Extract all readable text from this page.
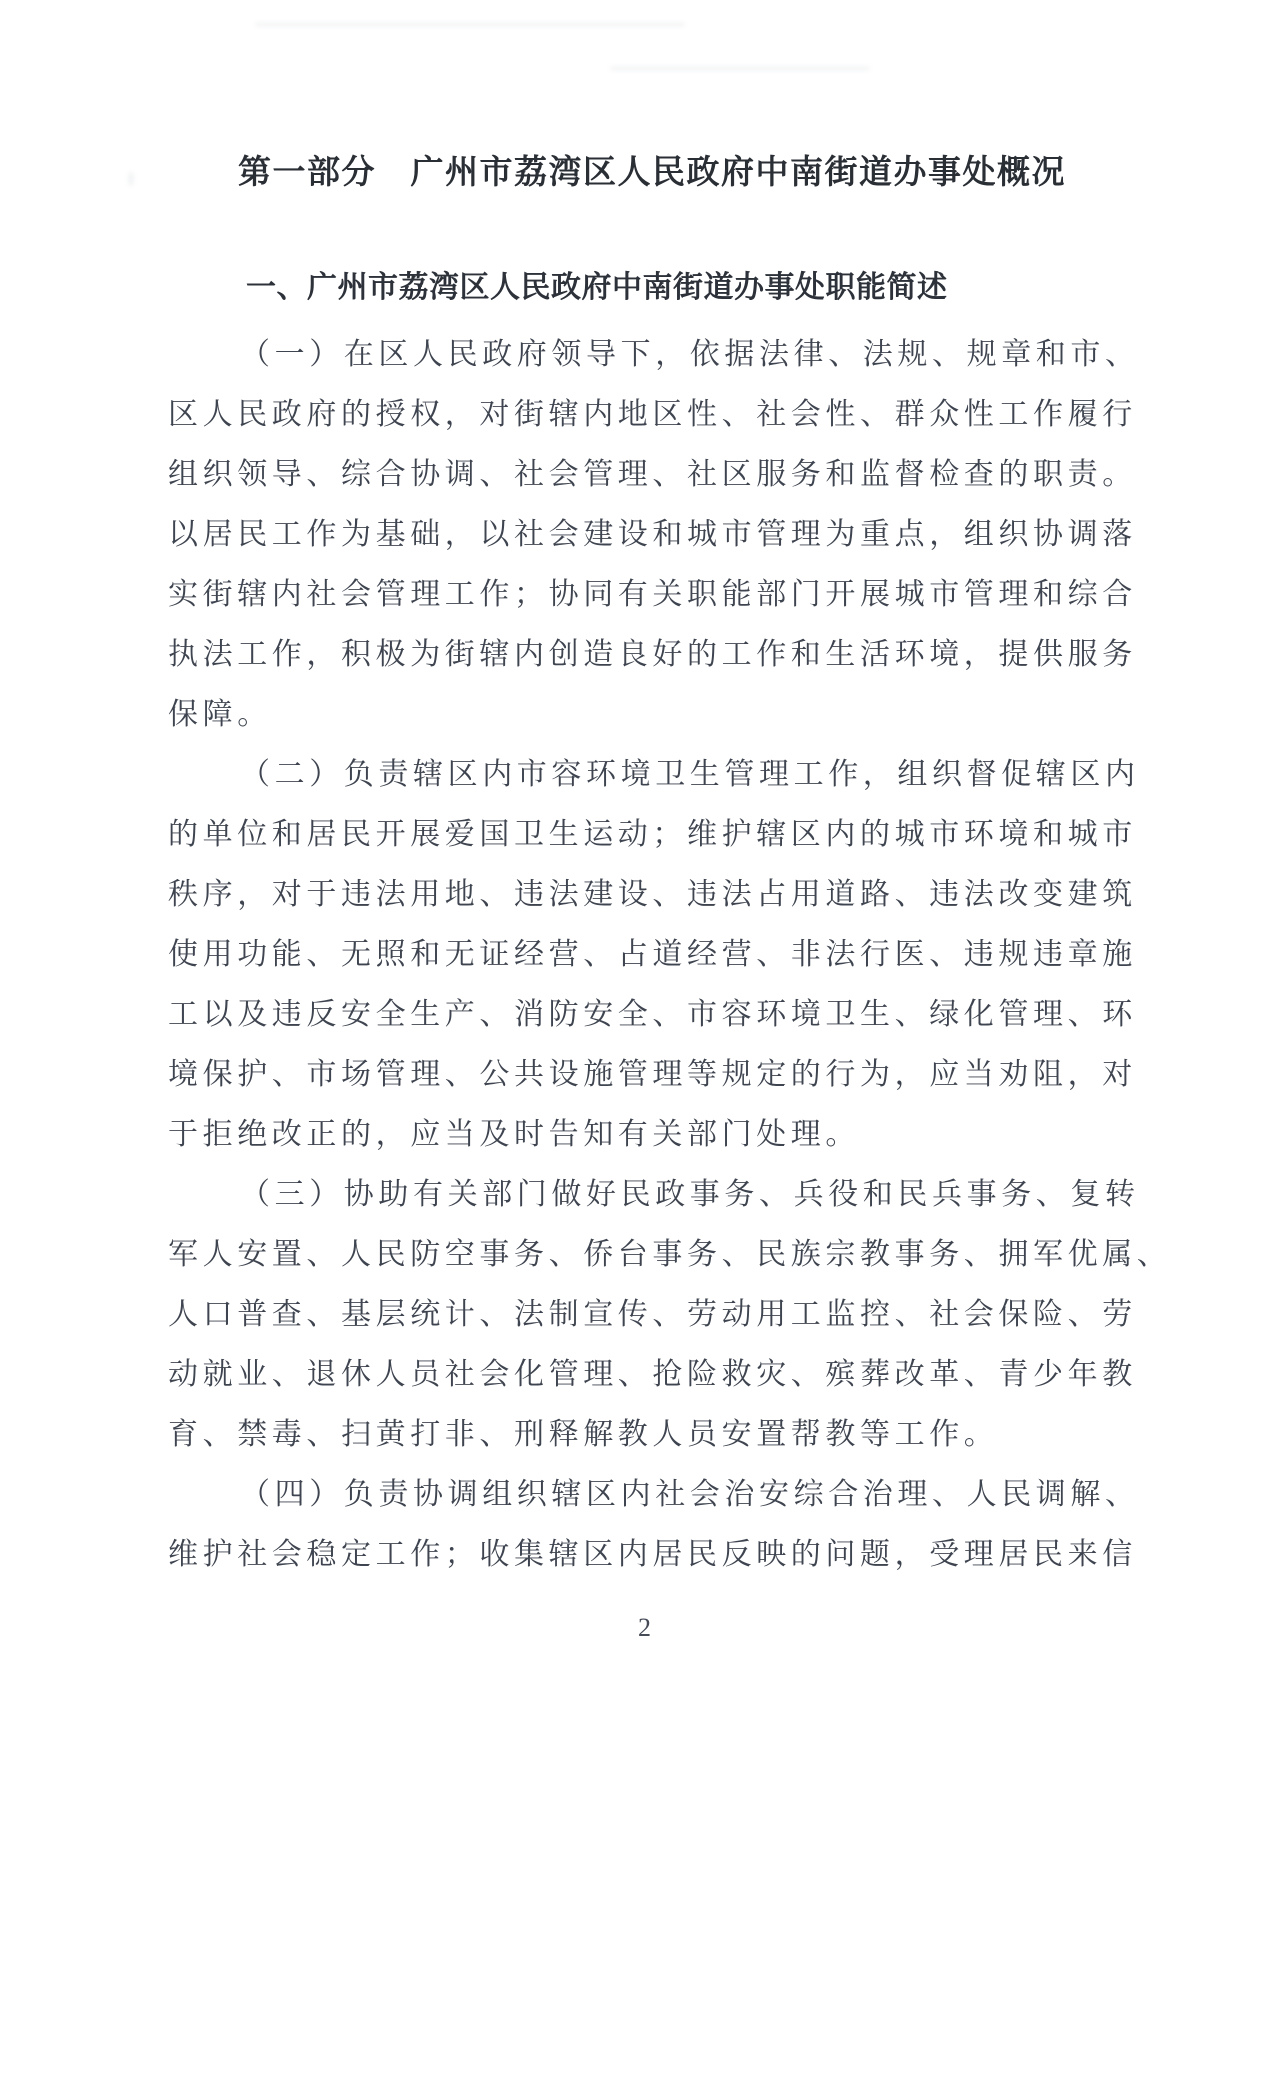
第一部分　广州市荔湾区人民政府中南街道办事处概况
一、广州市荔湾区人民政府中南街道办事处职能简述
（一）在区人民政府领导下，依据法律、法规、规章和市、
区人民政府的授权，对街辖内地区性、社会性、群众性工作履行
组织领导、综合协调、社会管理、社区服务和监督检查的职责。
以居民工作为基础，以社会建设和城市管理为重点，组织协调落
实街辖内社会管理工作；协同有关职能部门开展城市管理和综合
执法工作，积极为街辖内创造良好的工作和生活环境，提供服务
保障。
（二）负责辖区内市容环境卫生管理工作，组织督促辖区内
的单位和居民开展爱国卫生运动；维护辖区内的城市环境和城市
秩序，对于违法用地、违法建设、违法占用道路、违法改变建筑
使用功能、无照和无证经营、占道经营、非法行医、违规违章施
工以及违反安全生产、消防安全、市容环境卫生、绿化管理、环
境保护、市场管理、公共设施管理等规定的行为，应当劝阻，对
于拒绝改正的，应当及时告知有关部门处理。
（三）协助有关部门做好民政事务、兵役和民兵事务、复转
军人安置、人民防空事务、侨台事务、民族宗教事务、拥军优属、
人口普查、基层统计、法制宣传、劳动用工监控、社会保险、劳
动就业、退休人员社会化管理、抢险救灾、殡葬改革、青少年教
育、禁毒、扫黄打非、刑释解教人员安置帮教等工作。
（四）负责协调组织辖区内社会治安综合治理、人民调解、
维护社会稳定工作；收集辖区内居民反映的问题，受理居民来信
2
